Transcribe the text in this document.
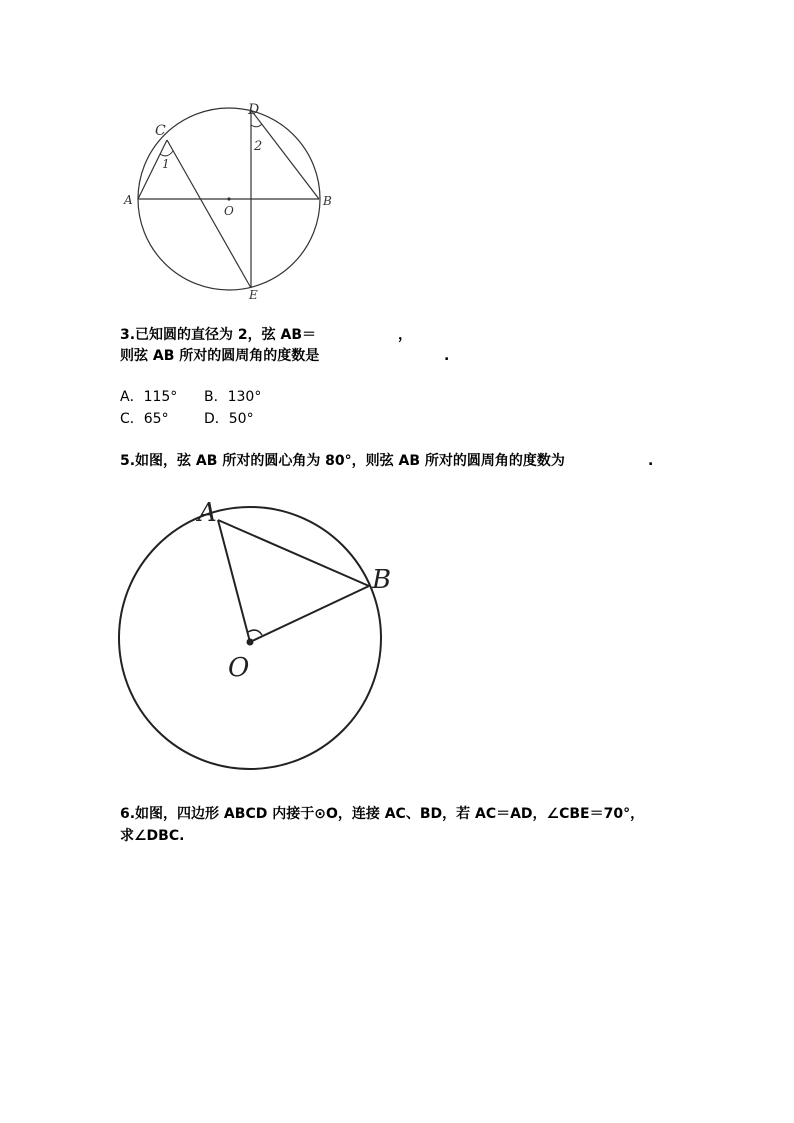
C
D
A	B
O
E
1
2
3.已知圆的直径为 2，弦 AB＝	，
则弦 AB 所对的圆周角的度数是	.
A．115° B．130°
C．65°	D．50°
5.如图，弦 AB 所对的圆心角为 80°，则弦 AB 所对的圆周角的度数为	.
A
B
O
6.如图，四边形 ABCD 内接于⊙O，连接 AC、BD，若 AC＝AD，∠CBE＝70°，
求∠DBC.
